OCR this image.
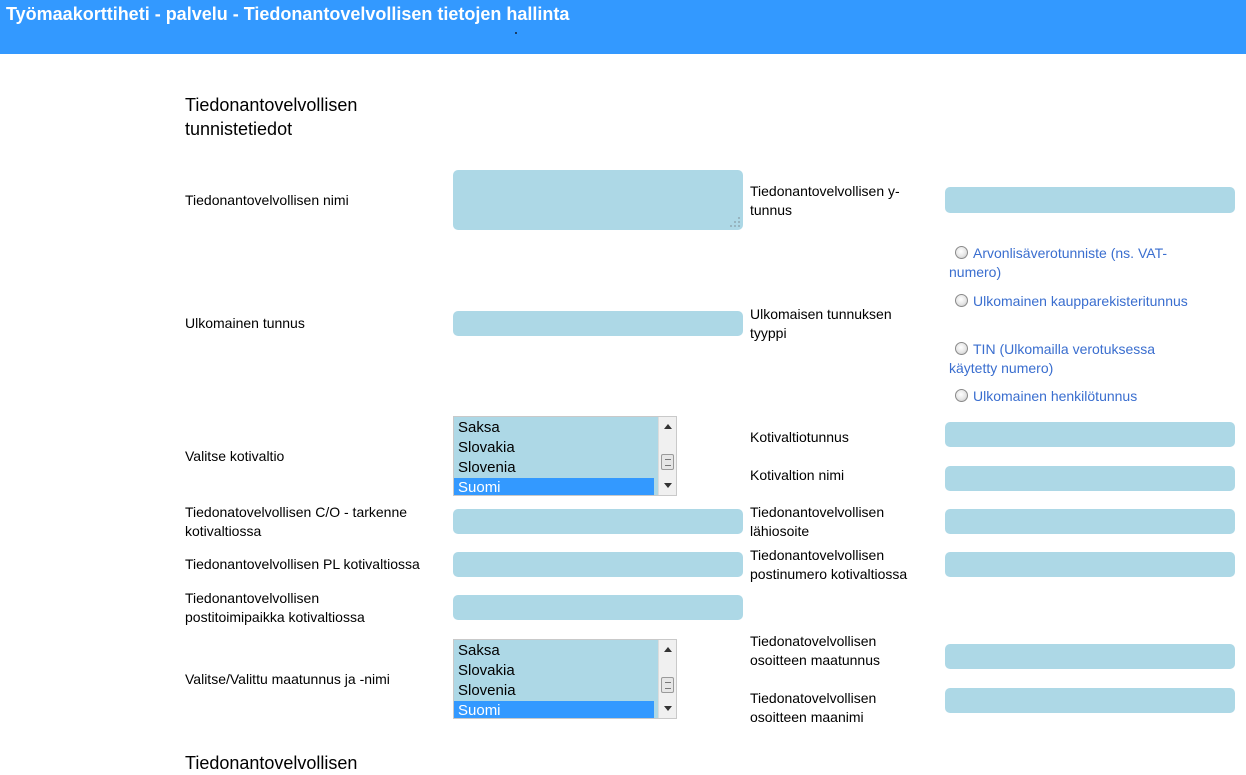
Työmaakorttiheti - palvelu - Tiedonantovelvollisen tietojen hallinta
Tiedonantovelvollisen tunnistetiedot
Tiedonantovelvollisen nimi
Tiedonantovelvollisen y-tunnus
Ulkomainen tunnus
Ulkomaisen tunnuksen tyyppi
Arvonlisäverotunniste (ns. VAT-numero)
Ulkomainen kaupparekisteritunnus
TIN (Ulkomailla verotuksessa käytetty numero)
Ulkomainen henkilötunnus
Valitse kotivaltio
Saksa
Slovakia
Slovenia
Suomi
Kotivaltiotunnus
Kotivaltion nimi
Tiedonatovelvollisen C/O - tarkenne kotivaltiossa
Tiedonantovelvollisen lähiosoite
Tiedonantovelvollisen PL kotivaltiossa
Tiedonantovelvollisen postinumero kotivaltiossa
Tiedonantovelvollisen postitoimipaikka kotivaltiossa
Valitse/Valittu maatunnus ja -nimi
Saksa
Slovakia
Slovenia
Suomi
Tiedonatovelvollisen osoitteen maatunnus
Tiedonatovelvollisen osoitteen maanimi
Tiedonantovelvollisen
